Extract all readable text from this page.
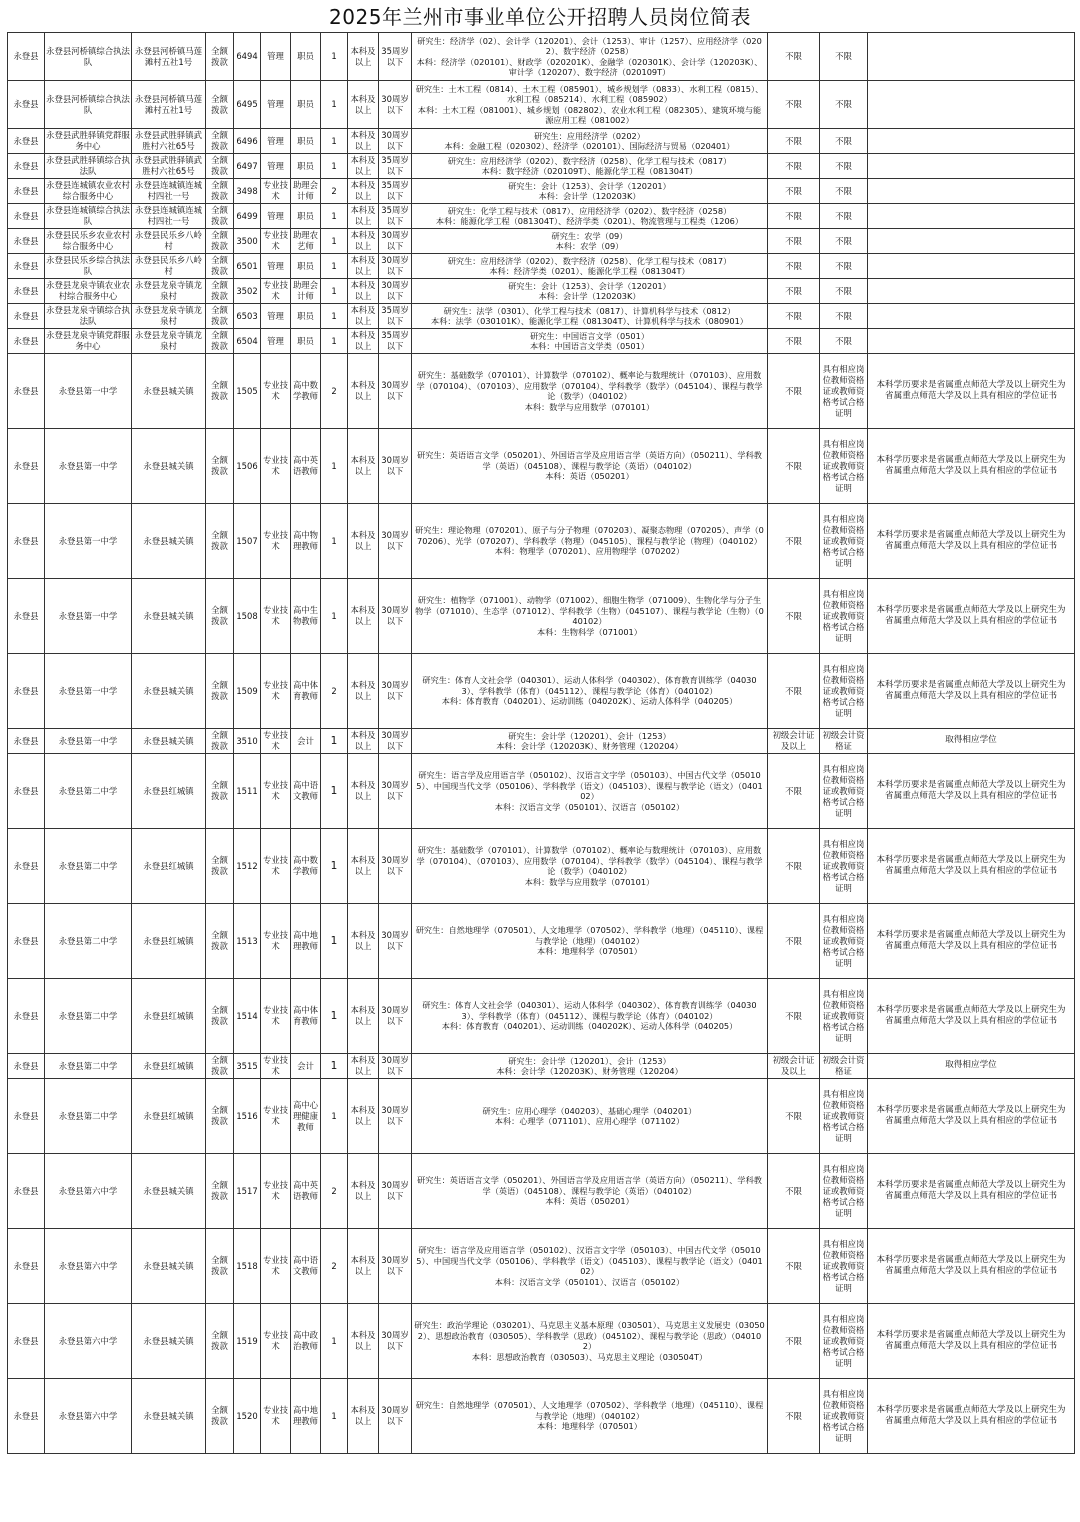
2025年兰州市事业单位公开招聘人员岗位简表
永登县	永登县河桥镇综合执法队	永登县河桥镇马莲滩村五社1号	全额拨款	6494	管理	职员	1	本科及以上	35周岁以下	研究生：经济学（02）、会计学（120201）、会计（1253）、审计（1257）、应用经济学（0202）、数字经济（0258）
本科：经济学（020101）、财政学（020201K）、金融学（020301K）、会计学（120203K）、审计学（120207）、数字经济（020109T）	不限	不限	
永登县	永登县河桥镇综合执法队	永登县河桥镇马莲滩村五社1号	全额拨款	6495	管理	职员	1	本科及以上	30周岁以下	研究生：土木工程（0814）、土木工程（085901）、城乡规划学（0833）、水利工程（0815）、水利工程（085214）、水利工程（085902）
本科：土木工程（081001）、城乡规划（082802）、农业水利工程（082305）、建筑环境与能源应用工程（081002）	不限	不限	
永登县	永登县武胜驿镇党群服务中心	永登县武胜驿镇武胜村六社65号	全额拨款	6496	管理	职员	1	本科及以上	30周岁以下	研究生：应用经济学（0202）
本科：金融工程（020302）、经济学（020101）、国际经济与贸易（020401）	不限	不限	
永登县	永登县武胜驿镇综合执法队	永登县武胜驿镇武胜村六社65号	全额拨款	6497	管理	职员	1	本科及以上	35周岁以下	研究生：应用经济学（0202）、数字经济（0258）、化学工程与技术（0817）
本科：数字经济（020109T）、能源化学工程（081304T）	不限	不限	
永登县	永登县连城镇农业农村综合服务中心	永登县连城镇连城村四社一号	全额拨款	3498	专业技术	助理会计师	2	本科及以上	35周岁以下	研究生：会计（1253）、会计学（120201）
本科：会计学（120203K）	不限	不限	
永登县	永登县连城镇综合执法队	永登县连城镇连城村四社一号	全额拨款	6499	管理	职员	1	本科及以上	35周岁以下	研究生：化学工程与技术（0817）、应用经济学（0202）、数字经济（0258）
本科：能源化学工程（081304T）、经济学类（0201）、物流管理与工程类（1206）	不限	不限	
永登县	永登县民乐乡农业农村综合服务中心	永登县民乐乡八岭村	全额拨款	3500	专业技术	助理农艺师	1	本科及以上	30周岁以下	研究生：农学（09）
本科：农学（09）	不限	不限	
永登县	永登县民乐乡综合执法队	永登县民乐乡八岭村	全额拨款	6501	管理	职员	1	本科及以上	30周岁以下	研究生：应用经济学（0202）、数字经济（0258）、化学工程与技术（0817）
本科：经济学类（0201）、能源化学工程（081304T）	不限	不限	
永登县	永登县龙泉寺镇农业农村综合服务中心	永登县龙泉寺镇龙泉村	全额拨款	3502	专业技术	助理会计师	1	本科及以上	30周岁以下	研究生：会计（1253）、会计学（120201）
本科：会计学（120203K）	不限	不限	
永登县	永登县龙泉寺镇综合执法队	永登县龙泉寺镇龙泉村	全额拨款	6503	管理	职员	1	本科及以上	35周岁以下	研究生：法学（0301）、化学工程与技术（0817）、计算机科学与技术（0812）
本科：法学（030101K）、能源化学工程（081304T）、计算机科学与技术（080901）	不限	不限	
永登县	永登县龙泉寺镇党群服务中心	永登县龙泉寺镇龙泉村	全额拨款	6504	管理	职员	1	本科及以上	35周岁以下	研究生：中国语言文学（0501）
本科：中国语言文学类（0501）	不限	不限	
永登县	永登县第一中学	永登县城关镇	全额拨款	1505	专业技术	高中数学教师	2	本科及以上	30周岁以下	研究生：基础数学（070101）、计算数学（070102）、概率论与数理统计（070103）、应用数学（070104）、（070103）、应用数学（070104）、学科教学（数学）（045104）、课程与教学论（数学）（040102）
本科：数学与应用数学（070101）	不限	具有相应岗位教师资格证或教师资格考试合格证明	本科学历要求是省属重点师范大学及以上研究生为省属重点师范大学及以上具有相应的学位证书
永登县	永登县第一中学	永登县城关镇	全额拨款	1506	专业技术	高中英语教师	1	本科及以上	30周岁以下	研究生：英语语言文学（050201）、外国语言学及应用语言学（英语方向）（050211）、学科教学（英语）（045108）、课程与教学论（英语）（040102）
本科：英语（050201）	不限	具有相应岗位教师资格证或教师资格考试合格证明	本科学历要求是省属重点师范大学及以上研究生为省属重点师范大学及以上具有相应的学位证书
永登县	永登县第一中学	永登县城关镇	全额拨款	1507	专业技术	高中物理教师	1	本科及以上	30周岁以下	研究生：理论物理（070201）、原子与分子物理（070203）、凝聚态物理（070205）、声学（070206）、光学（070207）、学科教学（物理）（045105）、课程与教学论（物理）（040102）
本科：物理学（070201）、应用物理学（070202）	不限	具有相应岗位教师资格证或教师资格考试合格证明	本科学历要求是省属重点师范大学及以上研究生为省属重点师范大学及以上具有相应的学位证书
永登县	永登县第一中学	永登县城关镇	全额拨款	1508	专业技术	高中生物教师	1	本科及以上	30周岁以下	研究生：植物学（071001）、动物学（071002）、细胞生物学（071009）、生物化学与分子生物学（071010）、生态学（071012）、学科教学（生物）（045107）、课程与教学论（生物）（040102）
本科：生物科学（071001）	不限	具有相应岗位教师资格证或教师资格考试合格证明	本科学历要求是省属重点师范大学及以上研究生为省属重点师范大学及以上具有相应的学位证书
永登县	永登县第一中学	永登县城关镇	全额拨款	1509	专业技术	高中体育教师	2	本科及以上	30周岁以下	研究生：体育人文社会学（040301）、运动人体科学（040302）、体育教育训练学（040303）、学科教学（体育）（045112）、课程与教学论（体育）（040102）
本科：体育教育（040201）、运动训练（040202K）、运动人体科学（040205）	不限	具有相应岗位教师资格证或教师资格考试合格证明	本科学历要求是省属重点师范大学及以上研究生为省属重点师范大学及以上具有相应的学位证书
永登县	永登县第一中学	永登县城关镇	全额拨款	3510	专业技术	会计	1	本科及以上	30周岁以下	研究生：会计学（120201）、会计（1253）
本科：会计学（120203K）、财务管理（120204）	初级会计证及以上	初级会计资格证	取得相应学位
永登县	永登县第二中学	永登县红城镇	全额拨款	1511	专业技术	高中语文教师	1	本科及以上	30周岁以下	研究生：语言学及应用语言学（050102）、汉语言文字学（050103）、中国古代文学（050105）、中国现当代文学（050106）、学科教学（语文）（045103）、课程与教学论（语文）（040102）
本科：汉语言文学（050101）、汉语言（050102）	不限	具有相应岗位教师资格证或教师资格考试合格证明	本科学历要求是省属重点师范大学及以上研究生为省属重点师范大学及以上具有相应的学位证书
永登县	永登县第二中学	永登县红城镇	全额拨款	1512	专业技术	高中数学教师	1	本科及以上	30周岁以下	研究生：基础数学（070101）、计算数学（070102）、概率论与数理统计（070103）、应用数学（070104）、（070103）、应用数学（070104）、学科教学（数学）（045104）、课程与教学论（数学）（040102）
本科：数学与应用数学（070101）	不限	具有相应岗位教师资格证或教师资格考试合格证明	本科学历要求是省属重点师范大学及以上研究生为省属重点师范大学及以上具有相应的学位证书
永登县	永登县第二中学	永登县红城镇	全额拨款	1513	专业技术	高中地理教师	1	本科及以上	30周岁以下	研究生：自然地理学（070501）、人文地理学（070502）、学科教学（地理）（045110）、课程与教学论（地理）（040102）
本科：地理科学（070501）	不限	具有相应岗位教师资格证或教师资格考试合格证明	本科学历要求是省属重点师范大学及以上研究生为省属重点师范大学及以上具有相应的学位证书
永登县	永登县第二中学	永登县红城镇	全额拨款	1514	专业技术	高中体育教师	1	本科及以上	30周岁以下	研究生：体育人文社会学（040301）、运动人体科学（040302）、体育教育训练学（040303）、学科教学（体育）（045112）、课程与教学论（体育）（040102）
本科：体育教育（040201）、运动训练（040202K）、运动人体科学（040205）	不限	具有相应岗位教师资格证或教师资格考试合格证明	本科学历要求是省属重点师范大学及以上研究生为省属重点师范大学及以上具有相应的学位证书
永登县	永登县第二中学	永登县红城镇	全额拨款	3515	专业技术	会计	1	本科及以上	30周岁以下	研究生：会计学（120201）、会计（1253）
本科：会计学（120203K）、财务管理（120204）	初级会计证及以上	初级会计资格证	取得相应学位
永登县	永登县第二中学	永登县红城镇	全额拨款	1516	专业技术	高中心理健康教师	1	本科及以上	30周岁以下	研究生：应用心理学（040203）、基础心理学（040201）
本科：心理学（071101）、应用心理学（071102）	不限	具有相应岗位教师资格证或教师资格考试合格证明	本科学历要求是省属重点师范大学及以上研究生为省属重点师范大学及以上具有相应的学位证书
永登县	永登县第六中学	永登县城关镇	全额拨款	1517	专业技术	高中英语教师	2	本科及以上	30周岁以下	研究生：英语语言文学（050201）、外国语言学及应用语言学（英语方向）（050211）、学科教学（英语）（045108）、课程与教学论（英语）（040102）
本科：英语（050201）	不限	具有相应岗位教师资格证或教师资格考试合格证明	本科学历要求是省属重点师范大学及以上研究生为省属重点师范大学及以上具有相应的学位证书
永登县	永登县第六中学	永登县城关镇	全额拨款	1518	专业技术	高中语文教师	2	本科及以上	30周岁以下	研究生：语言学及应用语言学（050102）、汉语言文字学（050103）、中国古代文学（050105）、中国现当代文学（050106）、学科教学（语文）（045103）、课程与教学论（语文）（040102）
本科：汉语言文学（050101）、汉语言（050102）	不限	具有相应岗位教师资格证或教师资格考试合格证明	本科学历要求是省属重点师范大学及以上研究生为省属重点师范大学及以上具有相应的学位证书
永登县	永登县第六中学	永登县城关镇	全额拨款	1519	专业技术	高中政治教师	1	本科及以上	30周岁以下	研究生：政治学理论（030201）、马克思主义基本原理（030501）、马克思主义发展史（030502）、思想政治教育（030505）、学科教学（思政）（045102）、课程与教学论（思政）（040102）
本科：思想政治教育（030503）、马克思主义理论（030504T）	不限	具有相应岗位教师资格证或教师资格考试合格证明	本科学历要求是省属重点师范大学及以上研究生为省属重点师范大学及以上具有相应的学位证书
永登县	永登县第六中学	永登县城关镇	全额拨款	1520	专业技术	高中地理教师	1	本科及以上	30周岁以下	研究生：自然地理学（070501）、人文地理学（070502）、学科教学（地理）（045110）、课程与教学论（地理）（040102）
本科：地理科学（070501）	不限	具有相应岗位教师资格证或教师资格考试合格证明	本科学历要求是省属重点师范大学及以上研究生为省属重点师范大学及以上具有相应的学位证书
